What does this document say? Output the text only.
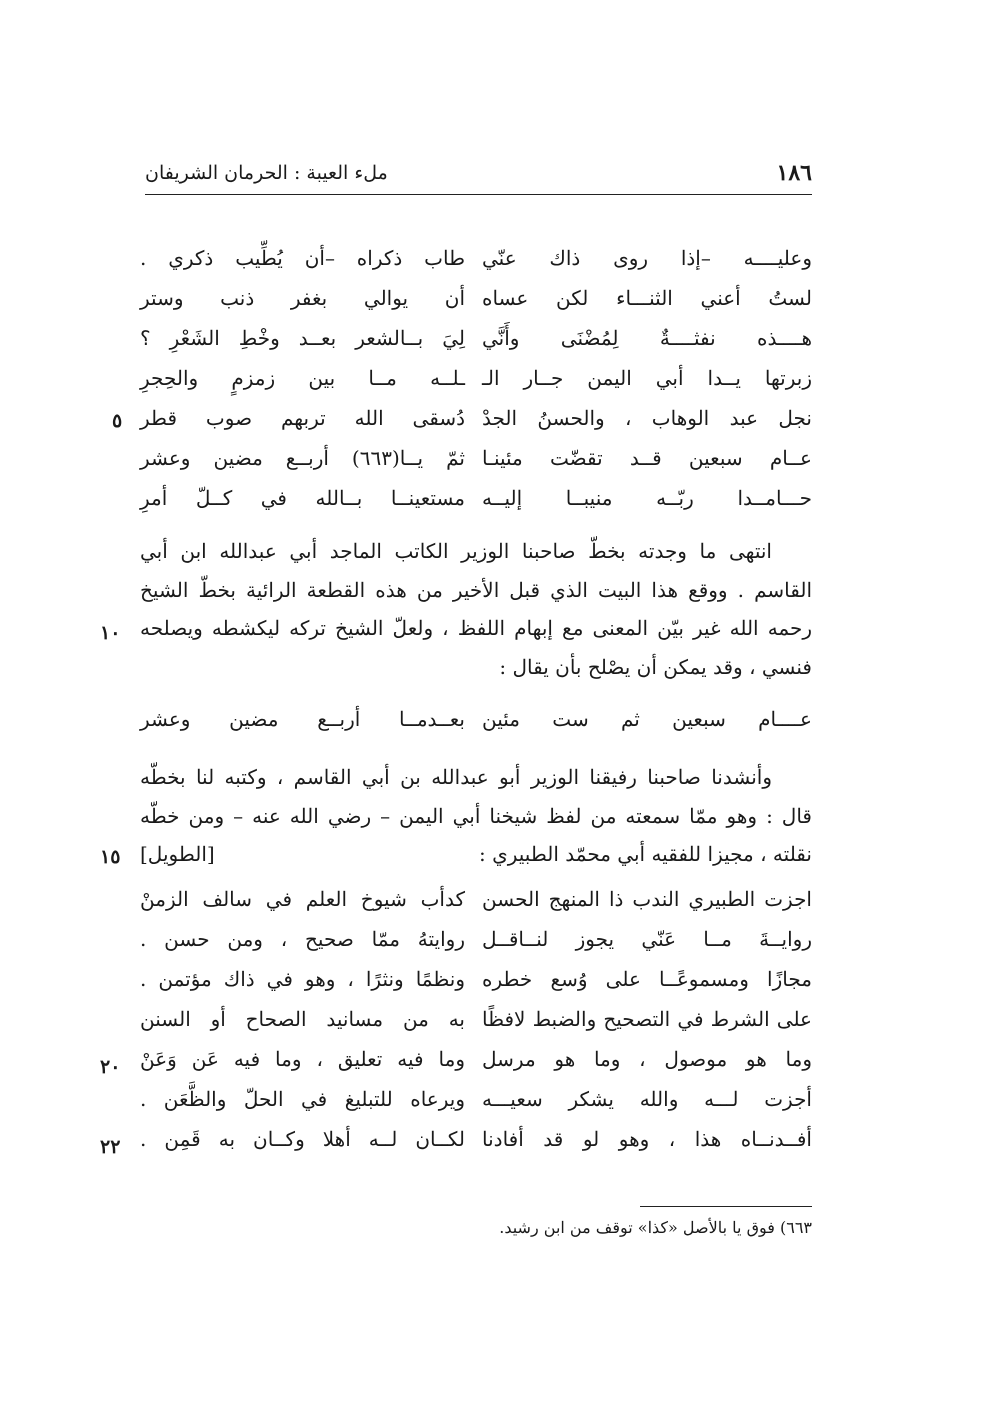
١٨٦
ملء العيبة : الحرمان الشريفان
وعليــــه –إذا روى ذاك عنّي
طاب ذكراه –أن يُطِّيب ذكري .
لستُ أعني الثنـــاء لكن عساه
أن يوالي بغفر ذنب وستر
هــــذه نفثــــةٌ لِمُضْنَى وأَنَّي
لِيَ بــالشعر بعــد وخْطِ الشَعْرِ ؟
زبرتها يــدا أبي اليمن جــار الـ
ـلــه مــا بين زمزمٍ والحِجرِ
نجل عبد الوهاب ، والحسنُ الجدْ
دُسقى الله تربهم صوب قطر
عــام سبعين قــد تقضّت مئينـا
ثمّ يــا(٦٦٣) أربــع مضين وعشر
حـــامــدا ربّــه منيبــا إليــه
مستعينــا بــالله في كــلّ أمرِ
انتهى ما وجدته بخطّ صاحبنا الوزير الكاتب الماجد أبي عبدالله ابن أبي
القاسم . ووقع هذا البيت الذي قبل الأخير من هذه القطعة الرائية بخطّ الشيخ
رحمه الله غير بيّن المعنى مع إبهام اللفظ ، ولعلّ الشيخ تركه ليكشطه ويصلحه
فنسي ، وقد يمكن أن يصْلح بأن يقال :
عــــام سبعين ثم ست مئين
بعــدمــا أربــع مضين وعشر
وأنشدنا صاحبنا رفيقنا الوزير أبو عبدالله بن أبي القاسم ، وكتبه لنا بخطّه
قال : وهو ممّا سمعته من لفظ شيخنا أبي اليمن – رضي الله عنه – ومن خطّه
نقلته ، مجيزا للفقيه أبي محمّد الطبيري :
[الطويل]
اجزت الطبيري الندب ذا المنهج الحسن
كدأب شيوخ العلم في سالف الزمنْ
روايــةَ مــا عَنّي يجوز لنــاقــل
روايتهُ ممّا صحيح ، ومن حسن .
مجازًا ومسموعًــا على وُسع خطره
ونظمًا ونثرًا ، وهو في ذاك مؤتمن .
على الشرط في التصحيح والضبط لافظًا
به من مسانيد الصحاح أو السنن
وما هو موصول ، وما هو مرسل
وما فيه تعليق ، وما فيه عَن وَعَنْ
أجزت لـــه والله يشكر سعيـــه
ويرعاه للتبليغ في الحلّ والظَّعَن .
أفــدنــاه هذا ، وهو لو قد أفادنا
لكــان لــه أهلا وكــان به قَمِن .
٥
١٠
١٥
٢٠
٢٢
٦٦٣) فوق يا بالأصل «كذا» توقف من ابن رشيد.
